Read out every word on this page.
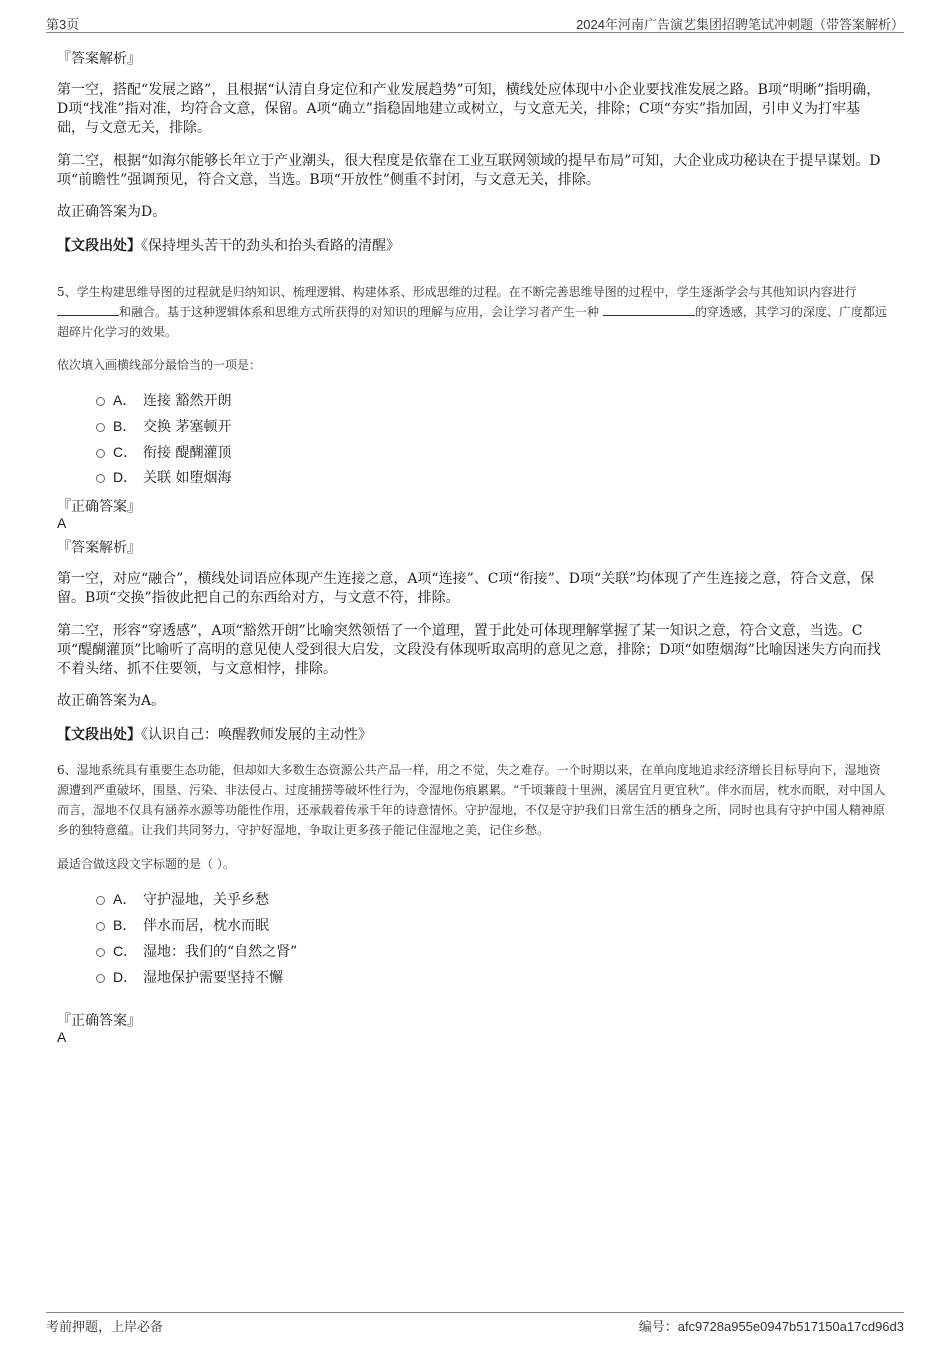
第3页	2024年河南广告演艺集团招聘笔试冲刺题（带答案解析）
『答案解析』
第一空，搭配“发展之路”，且根据“认清自身定位和产业发展趋势”可知，横线处应体现中小企业要找准发展之路。B项“明晰”指明确，D项“找准”指对准，均符合文意，保留。A项“确立”指稳固地建立或树立，与文意无关，排除；C项“夯实”指加固，引申义为打牢基础，与文意无关，排除。
第二空，根据“如海尔能够长年立于产业潮头，很大程度是依靠在工业互联网领域的提早布局”可知，大企业成功秘诀在于提早谋划。D项“前瞻性”强调预见，符合文意，当选。B项“开放性”侧重不封闭，与文意无关，排除。
故正确答案为D。
【文段出处】《保持埋头苦干的劲头和抬头看路的清醒》
5、学生构建思维导图的过程就是归纳知识、梳理逻辑、构建体系、形成思维的过程。在不断完善思维导图的过程中，学生逐渐学会与其他知识内容进行 和融合。基于这种逻辑体系和思维方式所获得的对知识的理解与应用，会让学习者产生一种	的穿透感，其学习的深度、广度都远超碎片化学习的效果。
依次填入画横线部分最恰当的一项是：
A． 连接 豁然开朗
B． 交换 茅塞顿开
C． 衔接 醍醐灌顶
D． 关联 如堕烟海
『正确答案』
A
『答案解析』
第一空，对应“融合”，横线处词语应体现产生连接之意，A项“连接”、C项“衔接”、D项“关联”均体现了产生连接之意，符合文意，保留。B项“交换”指彼此把自己的东西给对方，与文意不符，排除。
第二空，形容“穿透感”，A项“豁然开朗”比喻突然领悟了一个道理，置于此处可体现理解掌握了某一知识之意，符合文意，当选。C项“醍醐灌顶”比喻听了高明的意见使人受到很大启发，文段没有体现听取高明的意见之意，排除；D项“如堕烟海”比喻因迷失方向而找不着头绪、抓不住要领，与文意相悖，排除。
故正确答案为A。
【文段出处】《认识自己：唤醒教师发展的主动性》
6、湿地系统具有重要生态功能，但却如大多数生态资源公共产品一样，用之不觉，失之难存。一个时期以来，在单向度地追求经济增长目标导向下，湿地资源遭到严重破坏，围垦、污染、非法侵占、过度捕捞等破坏性行为，令湿地伤痕累累。“千顷蒹葭十里洲，溪居宜月更宜秋”。伴水而居，枕水而眠，对中国人而言，湿地不仅具有涵养水源等功能性作用，还承载着传承千年的诗意情怀。守护湿地，不仅是守护我们日常生活的栖身之所，同时也具有守护中国人精神原乡的独特意蕴。让我们共同努力，守护好湿地，争取让更多孩子能记住湿地之美，记住乡愁。
最适合做这段文字标题的是（ ）。
A． 守护湿地，关乎乡愁
B． 伴水而居，枕水而眠
C． 湿地：我们的“自然之肾”
D． 湿地保护需要坚持不懈
『正确答案』
A
考前押题，上岸必备	编号：afc9728a955e0947b517150a17cd96d3
